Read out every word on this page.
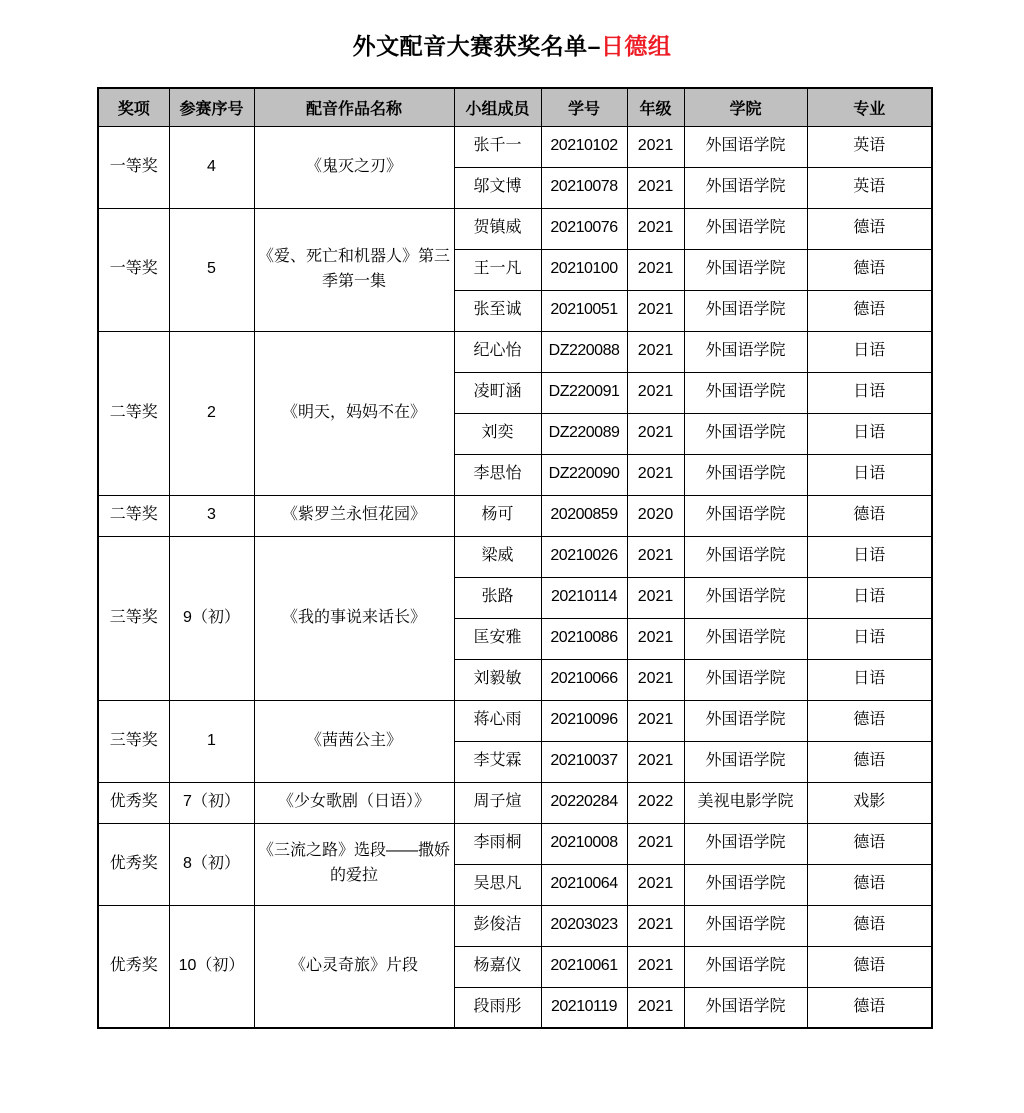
外文配音大赛获奖名单–日德组
奖项	参赛序号	配音作品名称	小组成员	学号	年级	学院	专业
一等奖	4	《鬼灭之刃》	张千一	20210102	2021	外国语学院	英语
			邬文博	20210078	2021	外国语学院	英语
一等奖	5	《爱、死亡和机器人》第三季第一集	贺镇威	20210076	2021	外国语学院	德语
			王一凡	20210100	2021	外国语学院	德语
			张至诚	20210051	2021	外国语学院	德语
二等奖	2	《明天，妈妈不在》	纪心怡	DZ220088	2021	外国语学院	日语
			凌町涵	DZ220091	2021	外国语学院	日语
			刘奕	DZ220089	2021	外国语学院	日语
			李思怡	DZ220090	2021	外国语学院	日语
二等奖	3	《紫罗兰永恒花园》	杨可	20200859	2020	外国语学院	德语
三等奖	9（初）	《我的事说来话长》	梁威	20210026	2021	外国语学院	日语
			张路	20210114	2021	外国语学院	日语
			匡安雅	20210086	2021	外国语学院	日语
			刘毅敏	20210066	2021	外国语学院	日语
三等奖	1	《茜茜公主》	蒋心雨	20210096	2021	外国语学院	德语
			李艾霖	20210037	2021	外国语学院	德语
优秀奖	7（初）	《少女歌剧（日语）》	周子煊	20220284	2022	美视电影学院	戏影
优秀奖	8（初）	《三流之路》选段——撒娇的爱拉	李雨桐	20210008	2021	外国语学院	德语
			吴思凡	20210064	2021	外国语学院	德语
优秀奖	10（初）	《心灵奇旅》片段	彭俊洁	20203023	2021	外国语学院	德语
			杨嘉仪	20210061	2021	外国语学院	德语
			段雨彤	20210119	2021	外国语学院	德语
